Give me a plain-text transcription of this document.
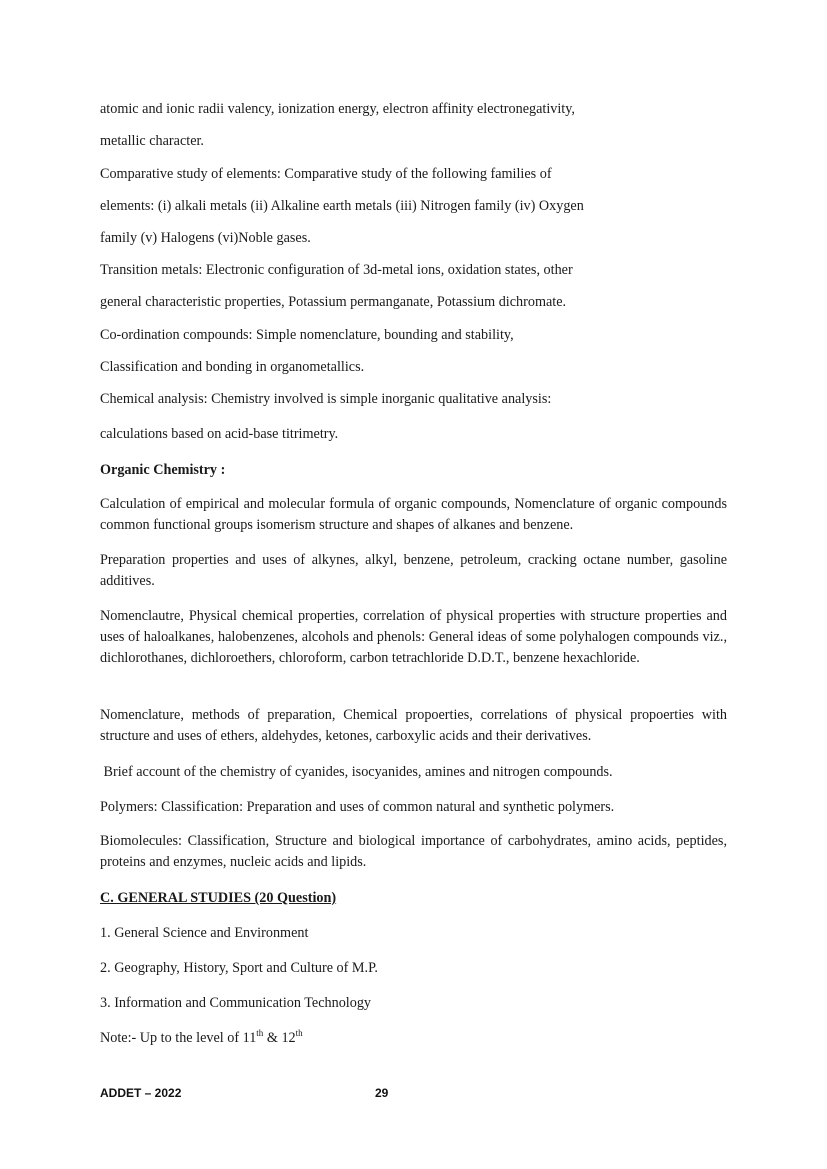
atomic and ionic radii valency, ionization energy, electron affinity electronegativity,
metallic character.
Comparative study of elements: Comparative study of the following families of
elements: (i) alkali metals (ii) Alkaline earth metals (iii) Nitrogen family (iv) Oxygen
family (v) Halogens (vi)Noble gases.
Transition metals: Electronic configuration of 3d-metal ions, oxidation states, other
general characteristic properties, Potassium permanganate, Potassium dichromate.
Co-ordination compounds: Simple nomenclature, bounding and stability,
Classification and bonding in organometallics.
Chemical analysis: Chemistry involved is simple inorganic qualitative analysis:
calculations based on acid-base titrimetry.
Organic Chemistry :
Calculation of empirical and molecular formula of organic compounds, Nomenclature of organic compounds common functional groups isomerism structure and shapes of alkanes and benzene.
Preparation properties and uses of alkynes, alkyl, benzene, petroleum, cracking octane number, gasoline additives.
Nomenclautre, Physical chemical properties, correlation of physical properties with structure properties and uses of haloalkanes, halobenzenes, alcohols and phenols: General ideas of some polyhalogen compounds viz., dichlorothanes, dichloroethers, chloroform, carbon tetrachloride D.D.T., benzene hexachloride.
Nomenclature, methods of preparation, Chemical propoerties, correlations of physical propoerties with structure and uses of ethers, aldehydes, ketones, carboxylic acids and their derivatives.
Brief account of the chemistry of cyanides, isocyanides, amines and nitrogen compounds.
Polymers: Classification: Preparation and uses of common natural and synthetic polymers.
Biomolecules: Classification, Structure and biological importance of carbohydrates, amino acids, peptides, proteins and enzymes, nucleic acids and lipids.
C. GENERAL STUDIES (20 Question)
1. General Science and Environment
2. Geography, History, Sport and Culture of M.P.
3. Information and Communication Technology
Note:- Up to the level of 11th & 12th
ADDET – 2022	29
